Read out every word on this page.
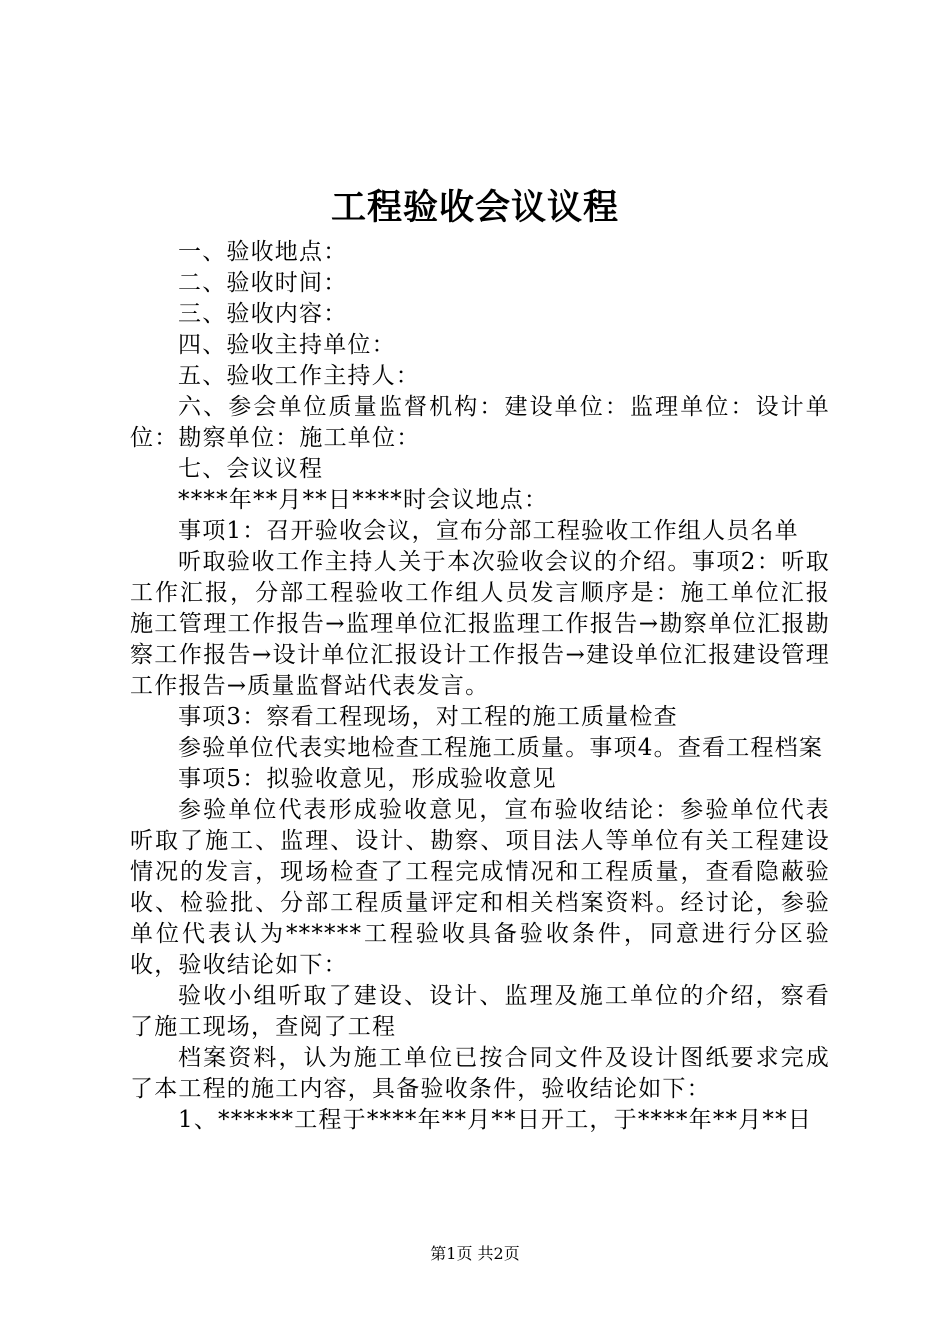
工程验收会议议程

一、验收地点：

二、验收时间：

三、验收内容：

四、验收主持单位：

五、验收工作主持人：

六、参会单位质量监督机构：建设单位：监理单位：设计单位：勘察单位：施工单位：

七、会议议程

****年**月**日****时会议地点：

事项1：召开验收会议，宣布分部工程验收工作组人员名单

听取验收工作主持人关于本次验收会议的介绍。事项2：听取工作汇报，分部工程验收工作组人员发言顺序是：施工单位汇报施工管理工作报告→监理单位汇报监理工作报告→勘察单位汇报勘察工作报告→设计单位汇报设计工作报告→建设单位汇报建设管理工作报告→质量监督站代表发言。

事项3：察看工程现场，对工程的施工质量检查

参验单位代表实地检查工程施工质量。事项4。查看工程档案

事项5：拟验收意见，形成验收意见

参验单位代表形成验收意见，宣布验收结论：参验单位代表听取了施工、监理、设计、勘察、项目法人等单位有关工程建设情况的发言，现场检查了工程完成情况和工程质量，查看隐蔽验收、检验批、分部工程质量评定和相关档案资料。经讨论，参验单位代表认为******工程验收具备验收条件，同意进行分区验收，验收结论如下：

验收小组听取了建设、设计、监理及施工单位的介绍，察看了施工现场，查阅了工程

档案资料，认为施工单位已按合同文件及设计图纸要求完成了本工程的施工内容，具备验收条件，验收结论如下：

1、******工程于****年**月**日开工，于****年**月**日

第1页 共2页
